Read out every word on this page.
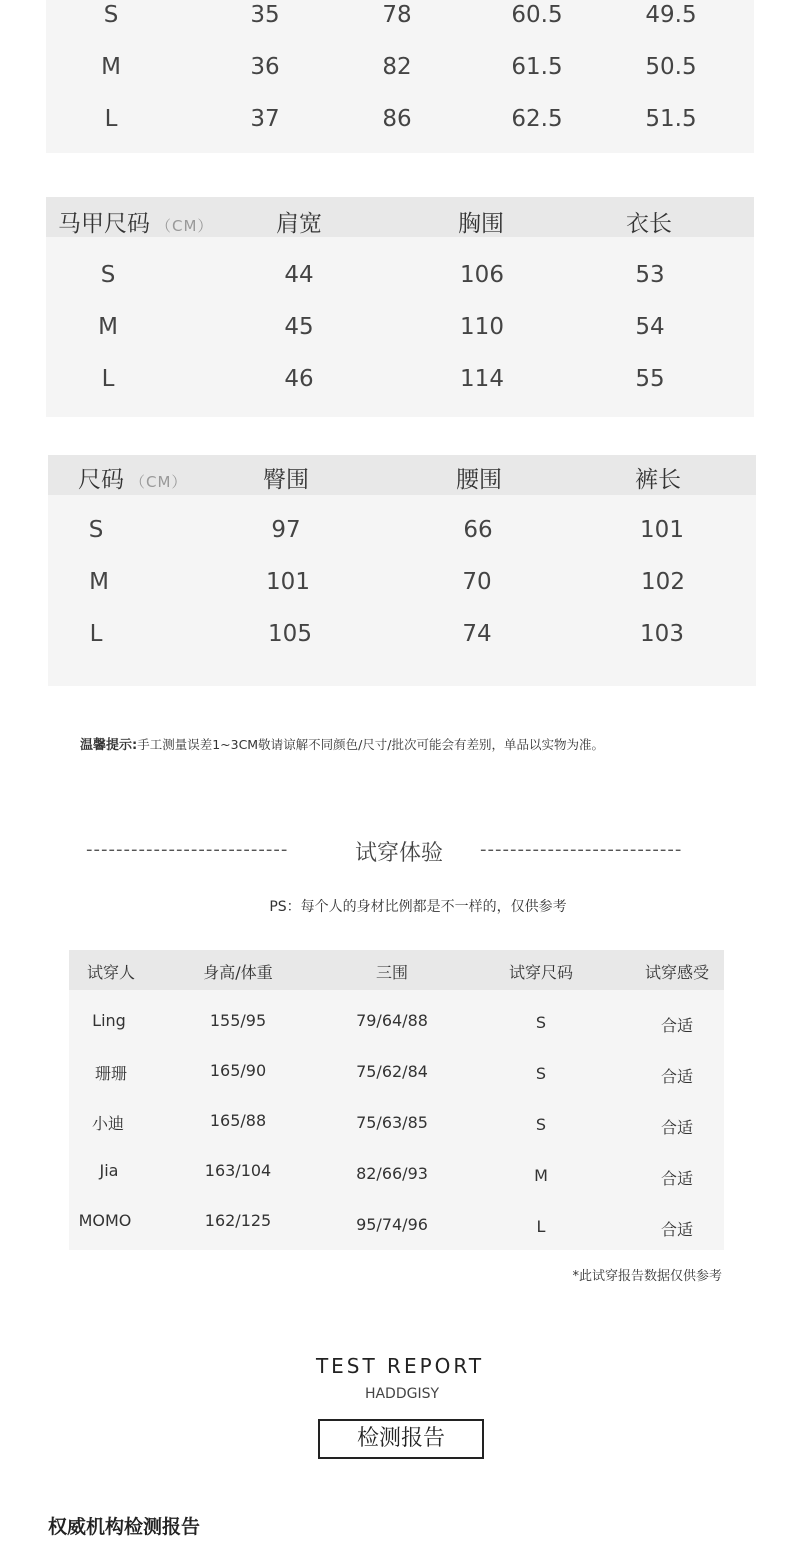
S	35	78	60.5	49.5
M	36	82	61.5	50.5
L	37	86	62.5	51.5
马甲尺码 （CM）	肩宽	胸围	衣长
S	44	106	53
M	45	110	54
L	46	114	55
尺码 （CM）	臀围	腰围	裤长
S	97	66	101
M	101	70	102
L	105	74	103
温馨提示:手工测量误差1~3CM敬请谅解不同颜色/尺寸/批次可能会有差别，单品以实物为准。
---------------------------	试穿体验 ---------------------------
PS：每个人的身材比例都是不一样的，仅供参考
试穿人	身高/体重	三围	试穿尺码	试穿感受
Ling	155/95	79/64/88	S	合适
珊珊	165/90	75/62/84	S	合适
小迪	165/88	75/63/85	S	合适
Jia	163/104	82/66/93	M	合适
MOMO	162/125	95/74/96	L	合适
*此试穿报告数据仅供参考
TEST REPORT
HADDGISY
检测报告
权威机构检测报告
